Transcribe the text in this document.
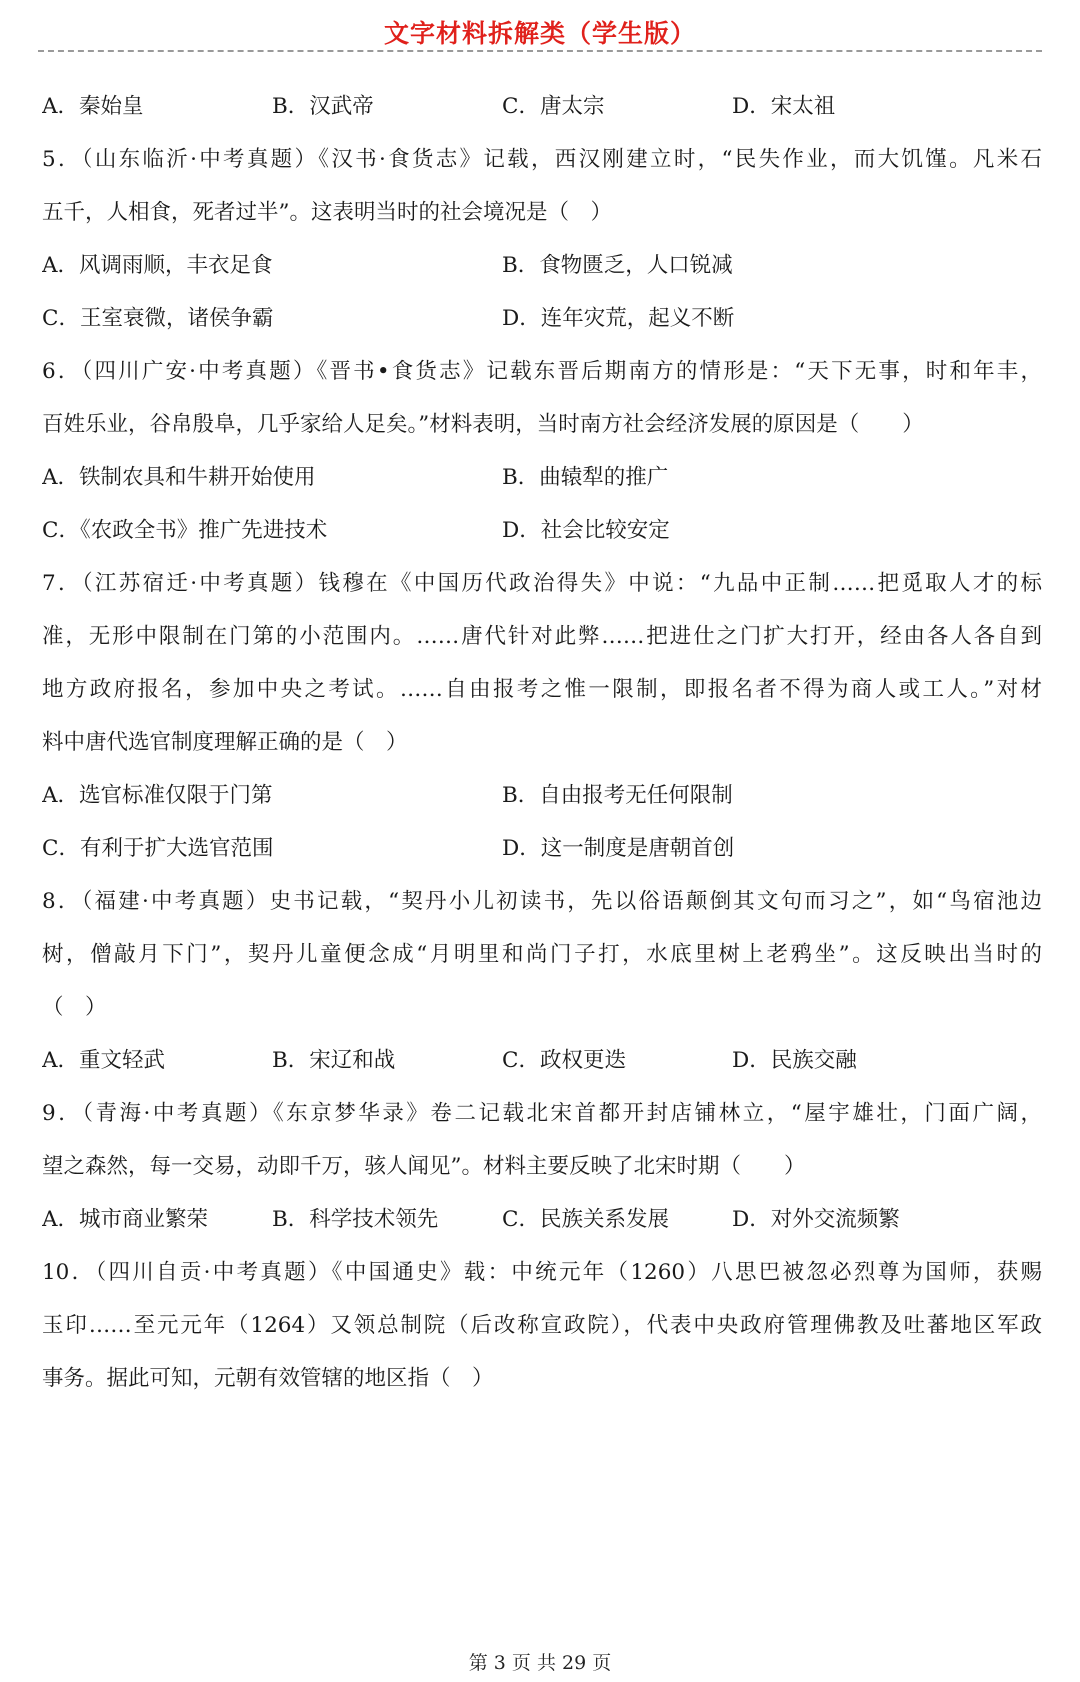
文字材料拆解类（学生版）
A．秦始皇	B．汉武帝	C．唐太宗	D．宋太祖
5．（山东临沂·中考真题）《汉书·食货志》记载，西汉刚建立时，“民失作业，而大饥馑。凡米石
五千，人相食，死者过半”。这表明当时的社会境况是（　）
A．风调雨顺，丰衣足食	B．食物匮乏，人口锐减
C．王室衰微，诸侯争霸	D．连年灾荒，起义不断
6．（四川广安·中考真题）《晋书•食货志》记载东晋后期南方的情形是：“天下无事，时和年丰，
百姓乐业，谷帛殷阜，几乎家给人足矣。”材料表明，当时南方社会经济发展的原因是（　　）
A．铁制农具和牛耕开始使用	B．曲辕犁的推广
C．《农政全书》推广先进技术	D．社会比较安定
7．（江苏宿迁·中考真题）钱穆在《中国历代政治得失》中说：“九品中正制……把觅取人才的标
准，无形中限制在门第的小范围内。……唐代针对此弊……把进仕之门扩大打开，经由各人各自到
地方政府报名，参加中央之考试。……自由报考之惟一限制，即报名者不得为商人或工人。”对材
料中唐代选官制度理解正确的是（　）
A．选官标准仅限于门第	B．自由报考无任何限制
C．有利于扩大选官范围	D．这一制度是唐朝首创
8．（福建·中考真题）史书记载，“契丹小儿初读书，先以俗语颠倒其文句而习之”，如“鸟宿池边
树，僧敲月下门”，契丹儿童便念成“月明里和尚门子打，水底里树上老鸦坐”。这反映出当时的
（　）
A．重文轻武	B．宋辽和战	C．政权更迭	D．民族交融
9．（青海·中考真题）《东京梦华录》卷二记载北宋首都开封店铺林立，“屋宇雄壮，门面广阔，
望之森然，每一交易，动即千万，骇人闻见”。材料主要反映了北宋时期（　　）
A．城市商业繁荣	B．科学技术领先	C．民族关系发展	D．对外交流频繁
10．（四川自贡·中考真题）《中国通史》载：中统元年（1260）八思巴被忽必烈尊为国师，获赐
玉印……至元元年（1264）又领总制院（后改称宣政院），代表中央政府管理佛教及吐蕃地区军政
事务。据此可知，元朝有效管辖的地区指（　）
第 3 页 共 29 页
